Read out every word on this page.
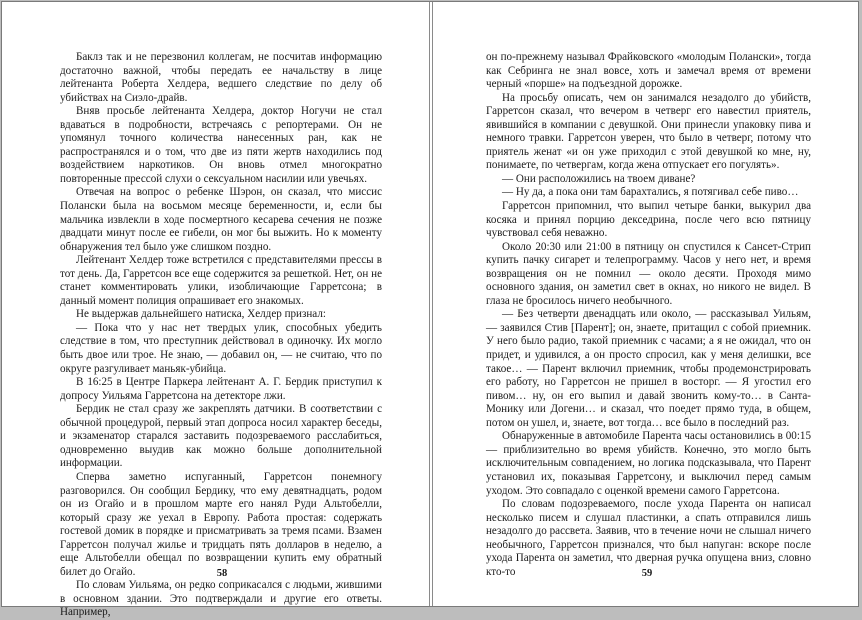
Баклз так и не перезвонил коллегам, не посчитав информацию достаточно важной, чтобы передать ее начальству в лице лейтенанта Роберта Хелдера, ведшего следствие по делу об убийствах на Сиэло-драйв.

Вняв просьбе лейтенанта Хелдера, доктор Ногучи не стал вдаваться в подробности, встречаясь с репортерами. Он не упомянул точного количества нанесенных ран, как не распространялся и о том, что две из пяти жертв находились под воздействием наркотиков. Он вновь отмел многократно повторенные прессой слухи о сексуальном насилии или увечьях.

Отвечая на вопрос о ребенке Шэрон, он сказал, что миссис Полански была на восьмом месяце беременности, и, если бы мальчика извлекли в ходе посмертного кесарева сечения не позже двадцати минут после ее гибели, он мог бы выжить. Но к моменту обнаружения тел было уже слишком поздно.

Лейтенант Хелдер тоже встретился с представителями прессы в тот день. Да, Гарретсон все еще содержится за решеткой. Нет, он не станет комментировать улики, изобличающие Гарретсона; в данный момент полиция опрашивает его знакомых.

Не выдержав дальнейшего натиска, Хелдер признал:

— Пока что у нас нет твердых улик, способных убедить следствие в том, что преступник действовал в одиночку. Их могло быть двое или трое. Не знаю, — добавил он, — не считаю, что по округе разгуливает маньяк-убийца.

В 16:25 в Центре Паркера лейтенант А. Г. Бердик приступил к допросу Уильяма Гарретсона на детекторе лжи.

Бердик не стал сразу же закреплять датчики. В соответствии с обычной процедурой, первый этап допроса носил характер беседы, и экзаменатор старался заставить подозреваемого расслабиться, одновременно выудив как можно больше дополнительной информации.

Сперва заметно испуганный, Гарретсон понемногу разговорился. Он сообщил Бердику, что ему девятнадцать, родом он из Огайо и в прошлом марте его нанял Руди Альтобелли, который сразу же уехал в Европу. Работа простая: содержать гостевой домик в порядке и присматривать за тремя псами. Взамен Гарретсон получал жилье и тридцать пять долларов в неделю, а еще Альтобелли обещал по возвращении купить ему обратный билет до Огайо.

По словам Уильяма, он редко соприкасался с людьми, жившими в основном здании. Это подтверждали и другие его ответы. Например,

58

он по-прежнему называл Фрайковского «молодым Полански», тогда как Себринга не знал вовсе, хоть и замечал время от времени черный «порше» на подъездной дорожке.

На просьбу описать, чем он занимался незадолго до убийств, Гарретсон сказал, что вечером в четверг его навестил приятель, явившийся в компании с девушкой. Они принесли упаковку пива и немного травки. Гарретсон уверен, что было в четверг, потому что приятель женат «и он уже приходил с этой девушкой ко мне, ну, понимаете, по четвергам, когда жена отпускает его погулять».

— Они расположились на твоем диване?

— Ну да, а пока они там барахтались, я потягивал себе пиво…

Гарретсон припомнил, что выпил четыре банки, выкурил два косяка и принял порцию декседрина, после чего всю пятницу чувствовал себя неважно.

Около 20:30 или 21:00 в пятницу он спустился к Сансет-Стрип купить пачку сигарет и телепрограмму. Часов у него нет, и время возвращения он не помнил — около десяти. Проходя мимо основного здания, он заметил свет в окнах, но никого не видел. В глаза не бросилось ничего необычного.

— Без четверти двенадцать или около, — рассказывал Уильям, — заявился Стив [Парент]; он, знаете, притащил с собой приемник. У него было радио, такой приемник с часами; а я не ожидал, что он придет, и удивился, а он просто спросил, как у меня делишки, все такое… — Парент включил приемник, чтобы продемонстрировать его работу, но Гарретсон не пришел в восторг. — Я угостил его пивом… ну, он его выпил и давай звонить кому-то… в Санта-Монику или Догени… и сказал, что поедет прямо туда, в общем, потом он ушел, и, знаете, вот тогда… все было в последний раз.

Обнаруженные в автомобиле Парента часы остановились в 00:15 — приблизительно во время убийств. Конечно, это могло быть исключительным совпадением, но логика подсказывала, что Парент установил их, показывая Гарретсону, и выключил перед самым уходом. Это совпадало с оценкой времени самого Гарретсона.

По словам подозреваемого, после ухода Парента он написал несколько писем и слушал пластинки, а спать отправился лишь незадолго до рассвета. Заявив, что в течение ночи не слышал ничего необычного, Гарретсон признался, что был напуган: вскоре после ухода Парента он заметил, что дверная ручка опущена вниз, словно кто-то	59
